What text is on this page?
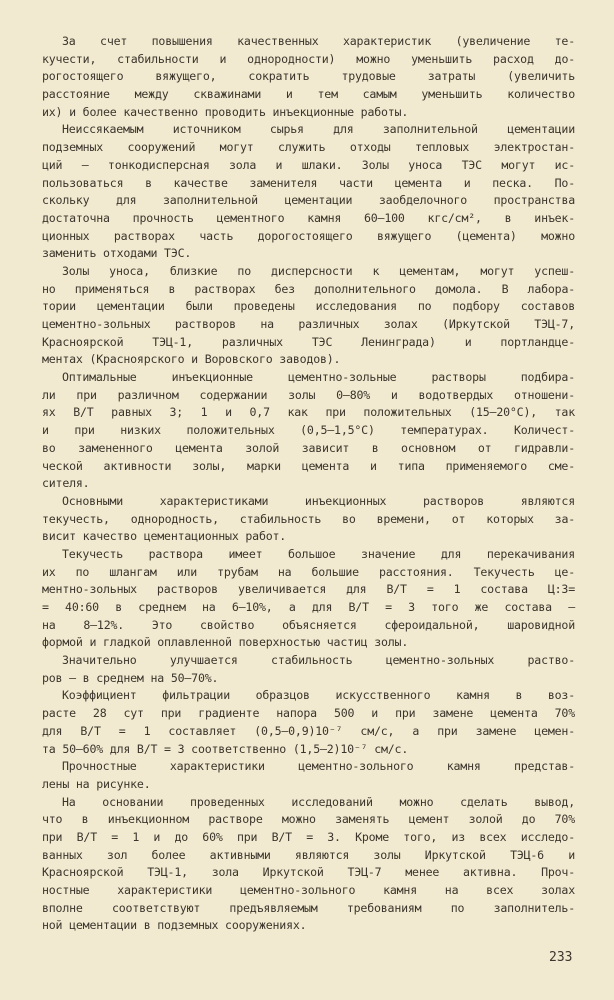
За счет повышения качественных характеристик (увеличение те-
кучести, стабильности и однородности) можно уменьшить расход до-
рогостоящего вяжущего, сократить трудовые затраты (увеличить
расстояние между скважинами и тем самым уменьшить количество
их) и более качественно проводить инъекционные работы.
Неиссякаемым источником сырья для заполнительной цементации
подземных сооружений могут служить отходы тепловых электростан-
ций – тонкодисперсная зола и шлаки. Золы уноса ТЭС могут ис-
пользоваться в качестве заменителя части цемента и песка. По-
скольку для заполнительной цементации заобделочного пространства
достаточна прочность цементного камня 60–100 кгс/см², в инъек-
ционных растворах часть дорогостоящего вяжущего (цемента) можно
заменить отходами ТЭС.
Золы уноса, близкие по дисперсности к цементам, могут успеш-
но применяться в растворах без дополнительного домола. В лабора-
тории цементации были проведены исследования по подбору составов
цементно-зольных растворов на различных золах (Иркутской ТЭЦ-7,
Красноярской ТЭЦ-1, различных ТЭС Ленинграда) и портландце-
ментах (Красноярского и Воровского заводов).
Оптимальные инъекционные цементно-зольные растворы подбира-
ли при различном содержании золы 0–80% и водотвердых отношени-
ях В/Т равных 3; 1 и 0,7 как при положительных (15–20°C), так
и при низких положительных (0,5–1,5°C) температурах. Количест-
во замененного цемента золой зависит в основном от гидравли-
ческой активности золы, марки цемента и типа применяемого сме-
сителя.
Основными характеристиками инъекционных растворов являются
текучесть, однородность, стабильность во времени, от которых за-
висит качество цементационных работ.
Текучесть раствора имеет большое значение для перекачивания
их по шлангам или трубам на большие расстояния. Текучесть це-
ментно-зольных растворов увеличивается для В/Т = 1 состава Ц:З=
= 40:60 в среднем на 6–10%, а для В/Т = 3 того же состава –
на 8–12%. Это свойство объясняется сфероидальной, шаровидной
формой и гладкой оплавленной поверхностью частиц золы.
Значительно улучшается стабильность цементно-зольных раство-
ров – в среднем на 50–70%.
Коэффициент фильтрации образцов искусственного камня в воз-
расте 28 сут при градиенте напора 500 и при замене цемента 70%
для В/Т = 1 составляет (0,5–0,9)10⁻⁷ см/с, а при замене цемен-
та 50–60% для В/Т = 3 соответственно (1,5–2)10⁻⁷ см/с.
Прочностные характеристики цементно-зольного камня представ-
лены на рисунке.
На основании проведенных исследований можно сделать вывод,
что в инъекционном растворе можно заменять цемент золой до 70%
при В/Т = 1 и до 60% при В/Т = 3. Кроме того, из всех исследо-
ванных зол более активными являются золы Иркутской ТЭЦ-6 и
Красноярской ТЭЦ-1, зола Иркутской ТЭЦ-7 менее активна. Проч-
ностные характеристики цементно-зольного камня на всех золах
вполне соответствуют предъявляемым требованиям по заполнитель-
ной цементации в подземных сооружениях.
233
